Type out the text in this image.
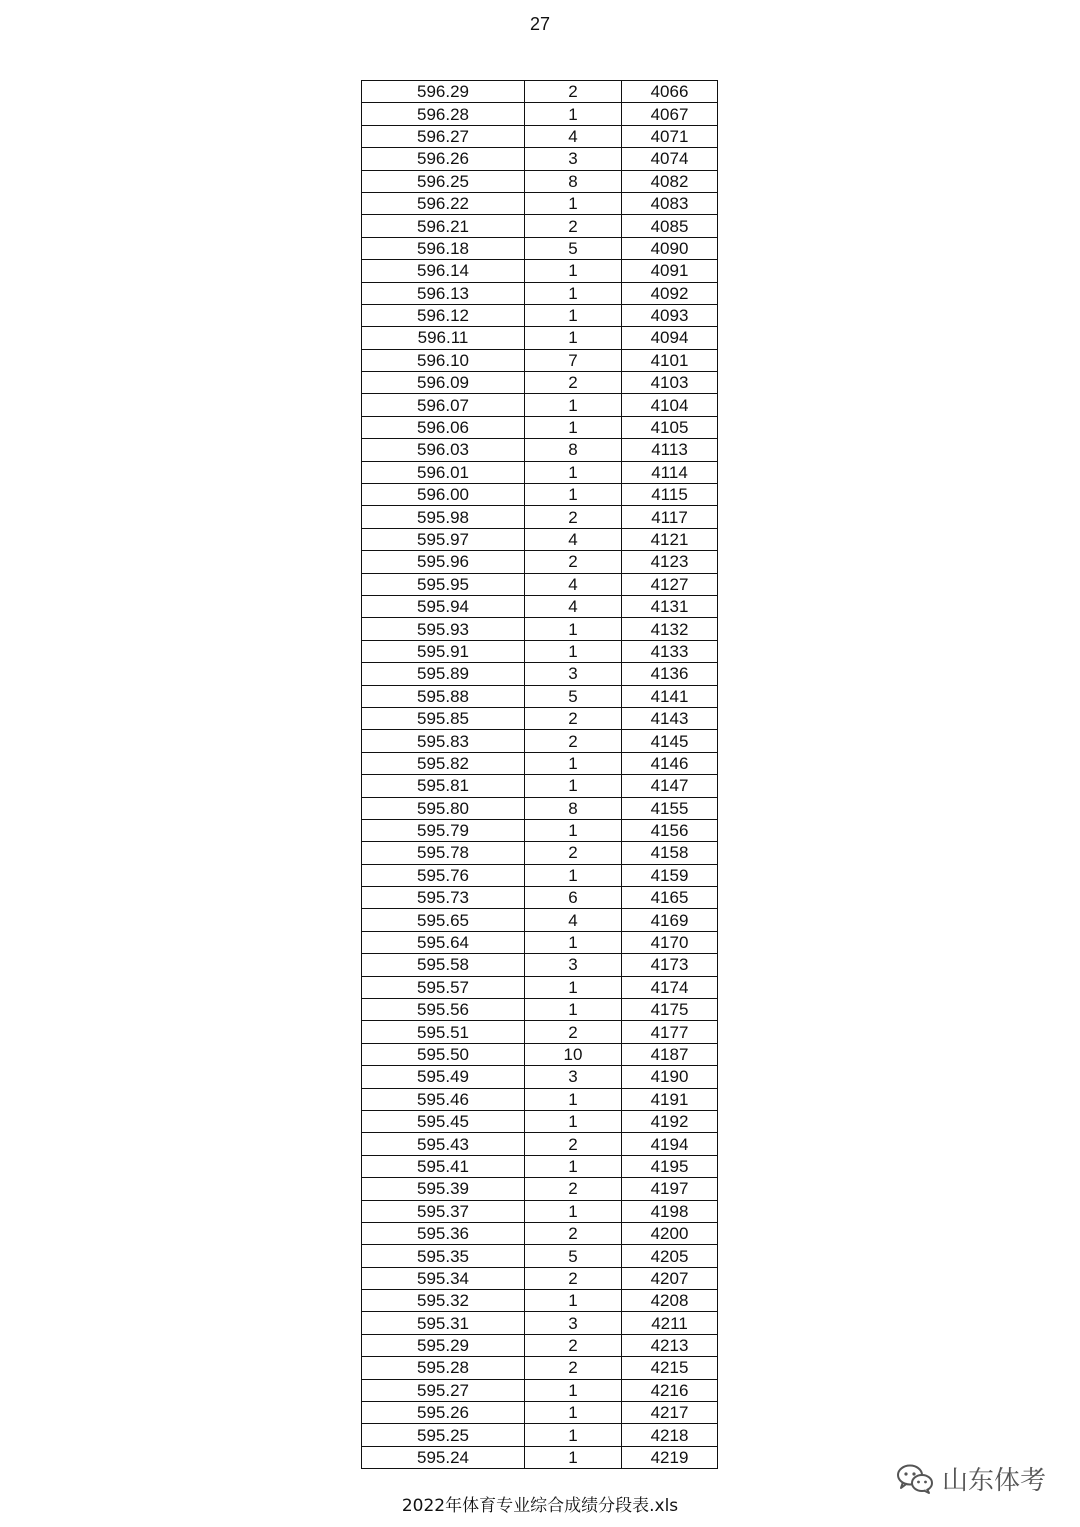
27
596.29	2	4066
596.28	1	4067
596.27	4	4071
596.26	3	4074
596.25	8	4082
596.22	1	4083
596.21	2	4085
596.18	5	4090
596.14	1	4091
596.13	1	4092
596.12	1	4093
596.11	1	4094
596.10	7	4101
596.09	2	4103
596.07	1	4104
596.06	1	4105
596.03	8	4113
596.01	1	4114
596.00	1	4115
595.98	2	4117
595.97	4	4121
595.96	2	4123
595.95	4	4127
595.94	4	4131
595.93	1	4132
595.91	1	4133
595.89	3	4136
595.88	5	4141
595.85	2	4143
595.83	2	4145
595.82	1	4146
595.81	1	4147
595.80	8	4155
595.79	1	4156
595.78	2	4158
595.76	1	4159
595.73	6	4165
595.65	4	4169
595.64	1	4170
595.58	3	4173
595.57	1	4174
595.56	1	4175
595.51	2	4177
595.50	10	4187
595.49	3	4190
595.46	1	4191
595.45	1	4192
595.43	2	4194
595.41	1	4195
595.39	2	4197
595.37	1	4198
595.36	2	4200
595.35	5	4205
595.34	2	4207
595.32	1	4208
595.31	3	4211
595.29	2	4213
595.28	2	4215
595.27	1	4216
595.26	1	4217
595.25	1	4218
595.24	1	4219
山东体考
2022年体育专业综合成绩分段表.xls
